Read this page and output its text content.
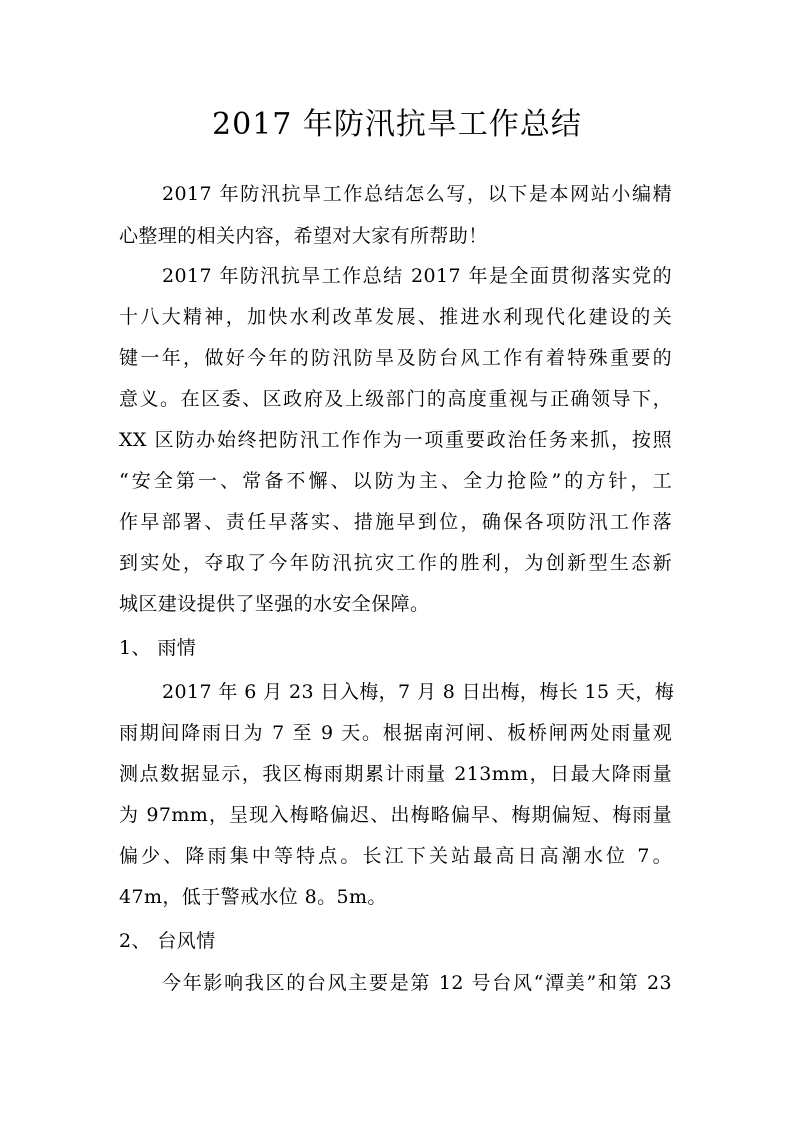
2017 年防汛抗旱工作总结
2017 年防汛抗旱工作总结怎么写，以下是本网站小编精
心整理的相关内容，希望对大家有所帮助！
2017 年防汛抗旱工作总结 2017 年是全面贯彻落实党的
十八大精神，加快水利改革发展、推进水利现代化建设的关
键一年，做好今年的防汛防旱及防台风工作有着特殊重要的
意义。在区委、区政府及上级部门的高度重视与正确领导下，
XX 区防办始终把防汛工作作为一项重要政治任务来抓，按照
“安全第一、常备不懈、以防为主、全力抢险”的方针，工
作早部署、责任早落实、措施早到位，确保各项防汛工作落
到实处，夺取了今年防汛抗灾工作的胜利，为创新型生态新
城区建设提供了坚强的水安全保障。
1、 雨情
2017 年 6 月 23 日入梅，7 月 8 日出梅，梅长 15 天，梅
雨期间降雨日为 7 至 9 天。根据南河闸、板桥闸两处雨量观
测点数据显示，我区梅雨期累计雨量 213mm，日最大降雨量
为 97mm，呈现入梅略偏迟、出梅略偏早、梅期偏短、梅雨量
偏少、降雨集中等特点。长江下关站最高日高潮水位 7。
47m，低于警戒水位 8。5m。
2、 台风情
今年影响我区的台风主要是第 12 号台风“潭美”和第 23
